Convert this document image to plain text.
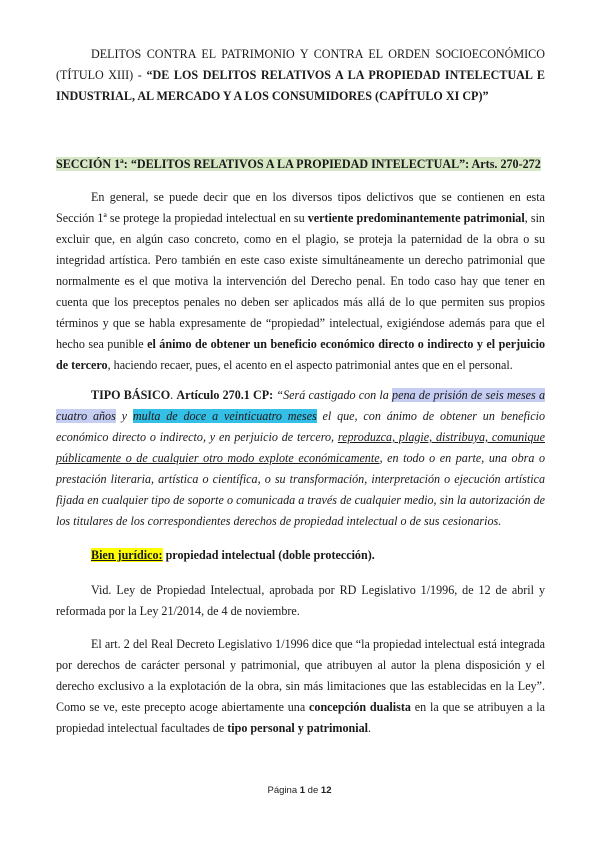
DELITOS CONTRA EL PATRIMONIO Y CONTRA EL ORDEN SOCIOECONÓMICO (TÍTULO XIII) - “DE LOS DELITOS RELATIVOS A LA PROPIEDAD INTELECTUAL E INDUSTRIAL, AL MERCADO Y A LOS CONSUMIDORES (CAPÍTULO XI CP)”

SECCIÓN 1ª: “DELITOS RELATIVOS A LA PROPIEDAD INTELECTUAL”: Arts. 270-272

En general, se puede decir que en los diversos tipos delictivos que se contienen en esta Sección 1ª se protege la propiedad intelectual en su vertiente predominantemente patrimonial, sin excluir que, en algún caso concreto, como en el plagio, se proteja la paternidad de la obra o su integridad artística. Pero también en este caso existe simultáneamente un derecho patrimonial que normalmente es el que motiva la intervención del Derecho penal. En todo caso hay que tener en cuenta que los preceptos penales no deben ser aplicados más allá de lo que permiten sus propios términos y que se habla expresamente de “propiedad” intelectual, exigiéndose además para que el hecho sea punible el ánimo de obtener un beneficio económico directo o indirecto y el perjuicio de tercero, haciendo recaer, pues, el acento en el aspecto patrimonial antes que en el personal.

TIPO BÁSICO. Artículo 270.1 CP: “Será castigado con la pena de prisión de seis meses a cuatro años y multa de doce a veinticuatro meses el que, con ánimo de obtener un beneficio económico directo o indirecto, y en perjuicio de tercero, reproduzca, plagie, distribuya, comunique públicamente o de cualquier otro modo explote económicamente, en todo o en parte, una obra o prestación literaria, artística o científica, o su transformación, interpretación o ejecución artística fijada en cualquier tipo de soporte o comunicada a través de cualquier medio, sin la autorización de los titulares de los correspondientes derechos de propiedad intelectual o de sus cesionarios.

Bien jurídico: propiedad intelectual (doble protección).

Vid. Ley de Propiedad Intelectual, aprobada por RD Legislativo 1/1996, de 12 de abril y reformada por la Ley 21/2014, de 4 de noviembre.

El art. 2 del Real Decreto Legislativo 1/1996 dice que “la propiedad intelectual está integrada por derechos de carácter personal y patrimonial, que atribuyen al autor la plena disposición y el derecho exclusivo a la explotación de la obra, sin más limitaciones que las establecidas en la Ley”. Como se ve, este precepto acoge abiertamente una concepción dualista en la que se atribuyen a la propiedad intelectual facultades de tipo personal y patrimonial.

Página 1 de 12
